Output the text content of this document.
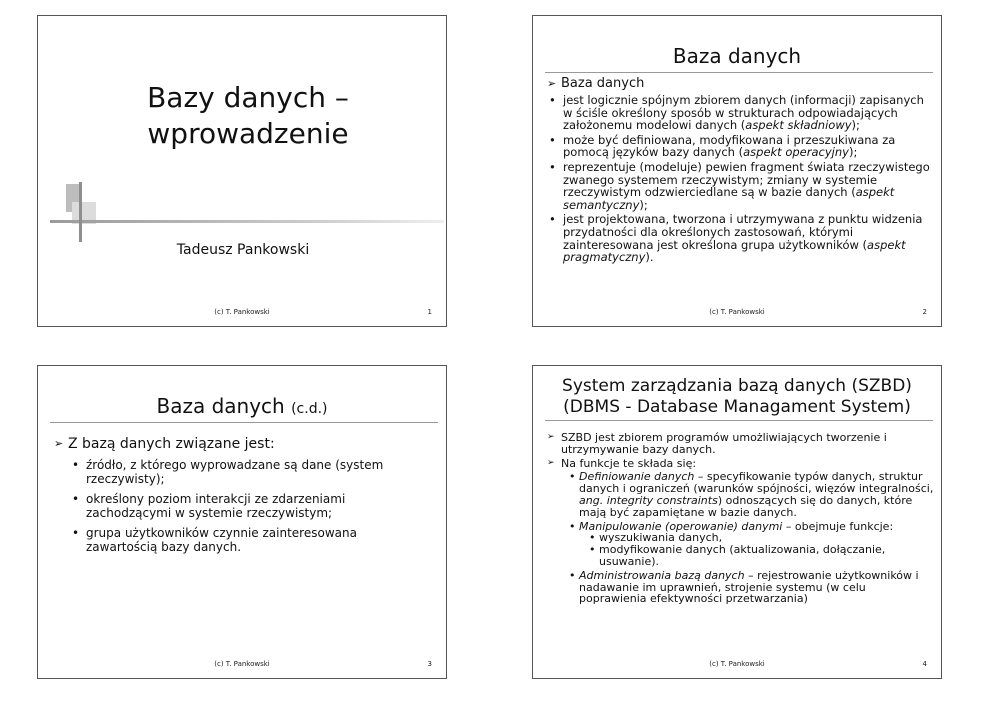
Bazy danych – wprowadzenie
Tadeusz Pankowski
(c) T. Pankowski	1
Baza danych
➢ Baza danych
• jest logicznie spójnym zbiorem danych (informacji) zapisanych w ściśle określony sposób w strukturach odpowiadających założonemu modelowi danych (aspekt składniowy);
• może być definiowana, modyfikowana i przeszukiwana za pomocą języków bazy danych (aspekt operacyjny);
• reprezentuje (modeluje) pewien fragment świata rzeczywistego zwanego systemem rzeczywistym; zmiany w systemie rzeczywistym odzwierciedlane są w bazie danych (aspekt semantyczny);
• jest projektowana, tworzona i utrzymywana z punktu widzenia przydatności dla określonych zastosowań, którymi zainteresowana jest określona grupa użytkowników (aspekt pragmatyczny).
(c) T. Pankowski	2
Baza danych (c.d.)
➢ Z bazą danych związane jest:
• źródło, z którego wyprowadzane są dane (system rzeczywisty);
• określony poziom interakcji ze zdarzeniami zachodzącymi w systemie rzeczywistym;
• grupa użytkowników czynnie zainteresowana zawartością bazy danych.
(c) T. Pankowski	3
System zarządzania bazą danych (SZBD)
(DBMS - Database Managament System)
➢ SZBD jest zbiorem programów umożliwiających tworzenie i utrzymywanie bazy danych.
➢ Na funkcje te składa się:
• Definiowanie danych – specyfikowanie typów danych, struktur danych i ograniczeń (warunków spójności, więzów integralności, ang. integrity constraints) odnoszących się do danych, które mają być zapamiętane w bazie danych.
• Manipulowanie (operowanie) danymi – obejmuje funkcje:
• wyszukiwania danych,
• modyfikowanie danych (aktualizowania, dołączanie, usuwanie).
• Administrowania bazą danych – rejestrowanie użytkowników i nadawanie im uprawnień, strojenie systemu (w celu poprawienia efektywności przetwarzania)
(c) T. Pankowski	4
